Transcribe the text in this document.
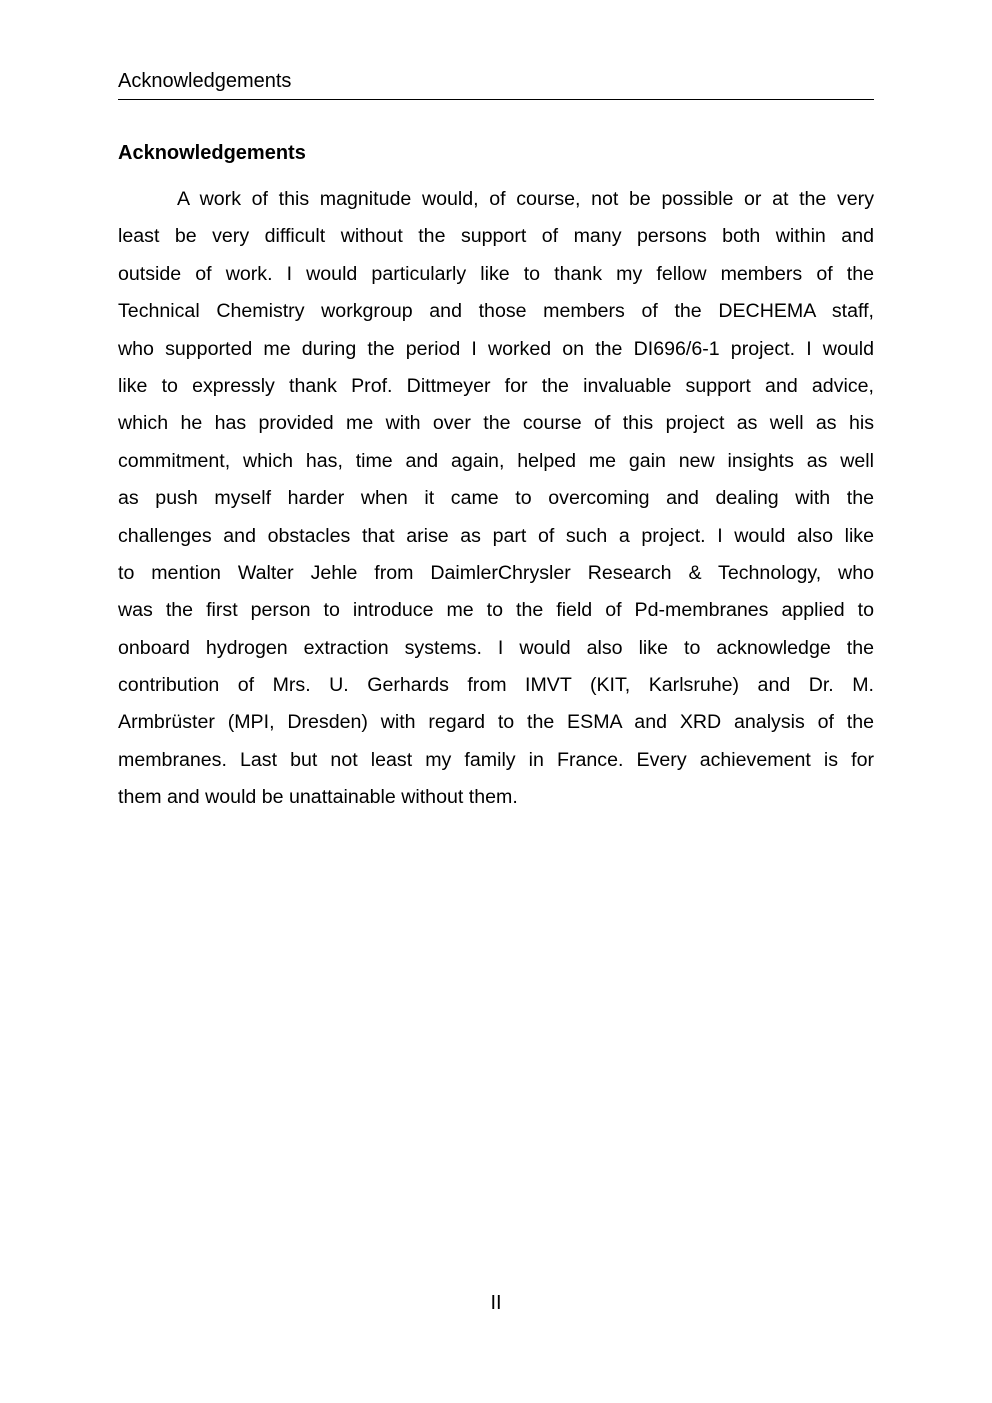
Acknowledgements
Acknowledgements
A work of this magnitude would, of course, not be possible or at the very
least be very difficult without the support of many persons both within and
outside of work. I would particularly like to thank my fellow members of the
Technical Chemistry workgroup and those members of the DECHEMA staff,
who supported me during the period I worked on the DI696/6-1 project. I would
like to expressly thank Prof. Dittmeyer for the invaluable support and advice,
which he has provided me with over the course of this project as well as his
commitment, which has, time and again, helped me gain new insights as well
as push myself harder when it came to overcoming and dealing with the
challenges and obstacles that arise as part of such a project. I would also like
to mention Walter Jehle from DaimlerChrysler Research & Technology, who
was the first person to introduce me to the field of Pd-membranes applied to
onboard hydrogen extraction systems. I would also like to acknowledge the
contribution of Mrs. U. Gerhards from IMVT (KIT, Karlsruhe) and Dr. M.
Armbrüster (MPI, Dresden) with regard to the ESMA and XRD analysis of the
membranes. Last but not least my family in France. Every achievement is for
them and would be unattainable without them.
II
